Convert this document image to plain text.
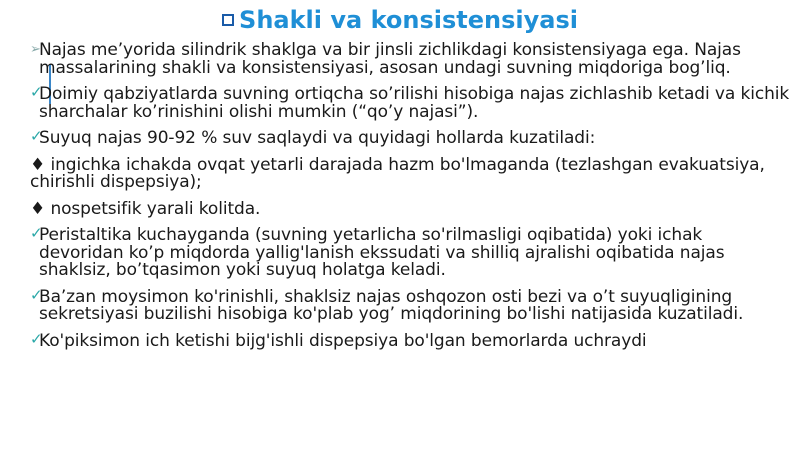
Shakli va konsistensiyasi
➢
Najas me’yorida silindrik shaklga va bir jinsli zichlikdagi konsistensiyaga ega. Najas massalarining shakli va konsistensiyasi, asosan undagi suvning miqdoriga bog’liq.
✓
Doimiy qabziyatlarda suvning ortiqcha so’rilishi hisobiga najas zichlashib ketadi va kichik sharchalar ko’rinishini olishi mumkin (“qo’y najasi”).
✓
Suyuq najas 90-92 % suv saqlaydi va quyidagi hollarda kuzatiladi:
♦ ingichka ichakda ovqat yetarli darajada hazm bo'lmaganda (tezlashgan evakuatsiya, chirishli dispepsiya);
♦ nospetsifik yarali kolitda.
✓
Peristaltika kuchayganda (suvning yetarlicha so'rilmasligi oqibatida) yoki ichak devoridan ko’p miqdorda yallig'lanish ekssudati va shilliq ajralishi oqibatida najas shaklsiz, bo’tqasimon yoki suyuq holatga keladi.
✓
Ba’zan moysimon ko'rinishli, shaklsiz najas oshqozon osti bezi va o’t suyuqligining sekretsiyasi buzilishi hisobiga ko'plab yog’ miqdorining bo'lishi natijasida kuzatiladi.
✓
Ko'piksimon ich ketishi bijg'ishli dispepsiya bo'lgan bemorlarda uchraydi
